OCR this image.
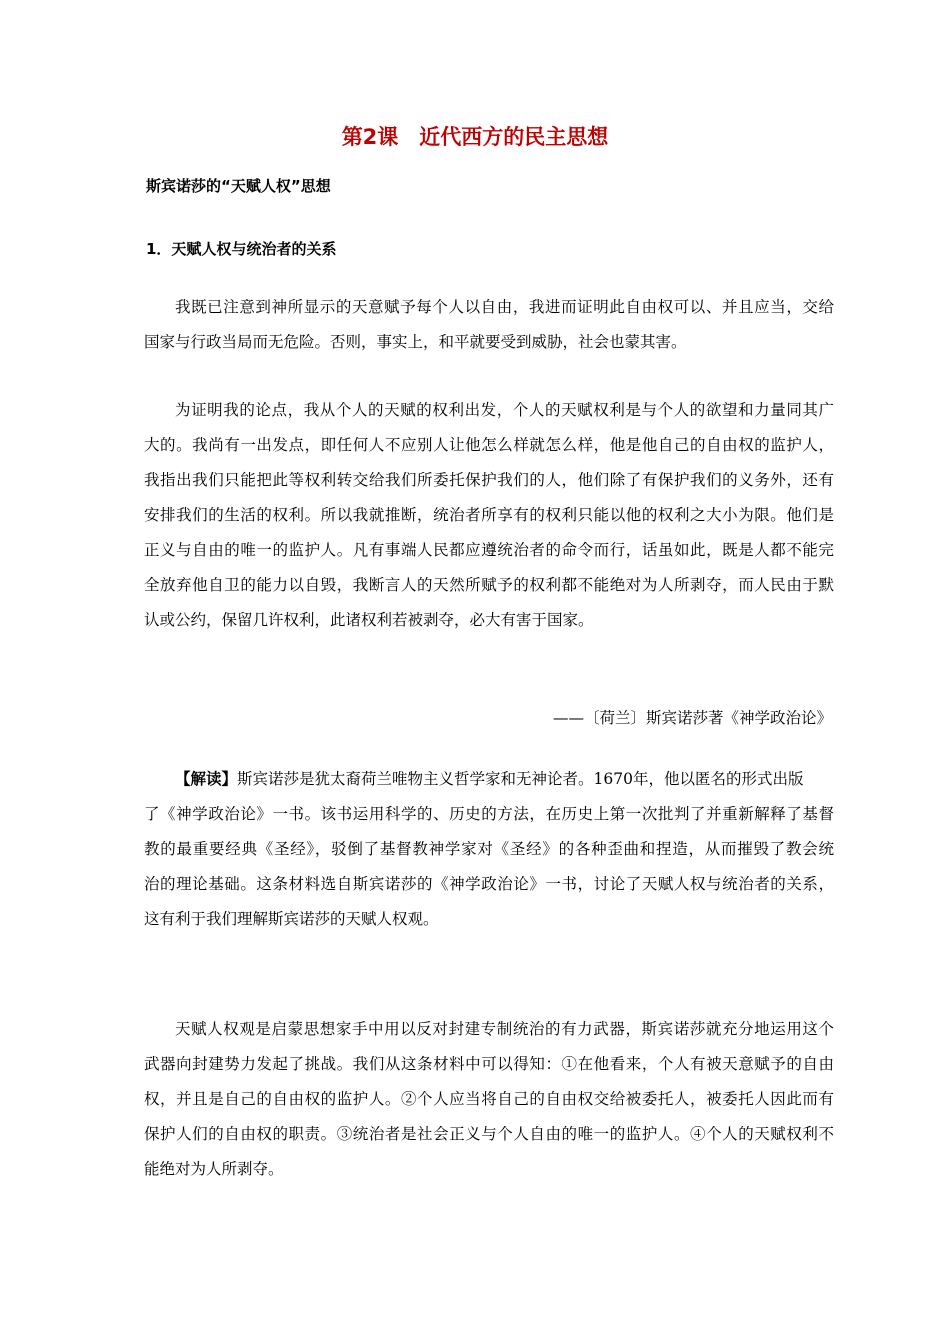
第2课　近代西方的民主思想
斯宾诺莎的“天赋人权”思想
1．天赋人权与统治者的关系
我既已注意到神所显示的天意赋予每个人以自由，我进而证明此自由权可以、并且应当，交给
国家与行政当局而无危险。否则，事实上，和平就要受到威胁，社会也蒙其害。
为证明我的论点，我从个人的天赋的权利出发，个人的天赋权利是与个人的欲望和力量同其广
大的。我尚有一出发点，即任何人不应别人让他怎么样就怎么样，他是他自己的自由权的监护人，
我指出我们只能把此等权利转交给我们所委托保护我们的人，他们除了有保护我们的义务外，还有
安排我们的生活的权利。所以我就推断，统治者所享有的权利只能以他的权利之大小为限。他们是
正义与自由的唯一的监护人。凡有事端人民都应遵统治者的命令而行，话虽如此，既是人都不能完
全放弃他自卫的能力以自毁，我断言人的天然所赋予的权利都不能绝对为人所剥夺，而人民由于默
认或公约，保留几许权利，此诸权利若被剥夺，必大有害于国家。
——〔荷兰〕斯宾诺莎著《神学政治论》
【解读】斯宾诺莎是犹太裔荷兰唯物主义哲学家和无神论者。1670年，他以匿名的形式出版
了《神学政治论》一书。该书运用科学的、历史的方法，在历史上第一次批判了并重新解释了基督
教的最重要经典《圣经》，驳倒了基督教神学家对《圣经》的各种歪曲和捏造，从而摧毁了教会统
治的理论基础。这条材料选自斯宾诺莎的《神学政治论》一书，讨论了天赋人权与统治者的关系，
这有利于我们理解斯宾诺莎的天赋人权观。
天赋人权观是启蒙思想家手中用以反对封建专制统治的有力武器，斯宾诺莎就充分地运用这个
武器向封建势力发起了挑战。我们从这条材料中可以得知：①在他看来，个人有被天意赋予的自由
权，并且是自己的自由权的监护人。②个人应当将自己的自由权交给被委托人，被委托人因此而有
保护人们的自由权的职责。③统治者是社会正义与个人自由的唯一的监护人。④个人的天赋权利不
能绝对为人所剥夺。
